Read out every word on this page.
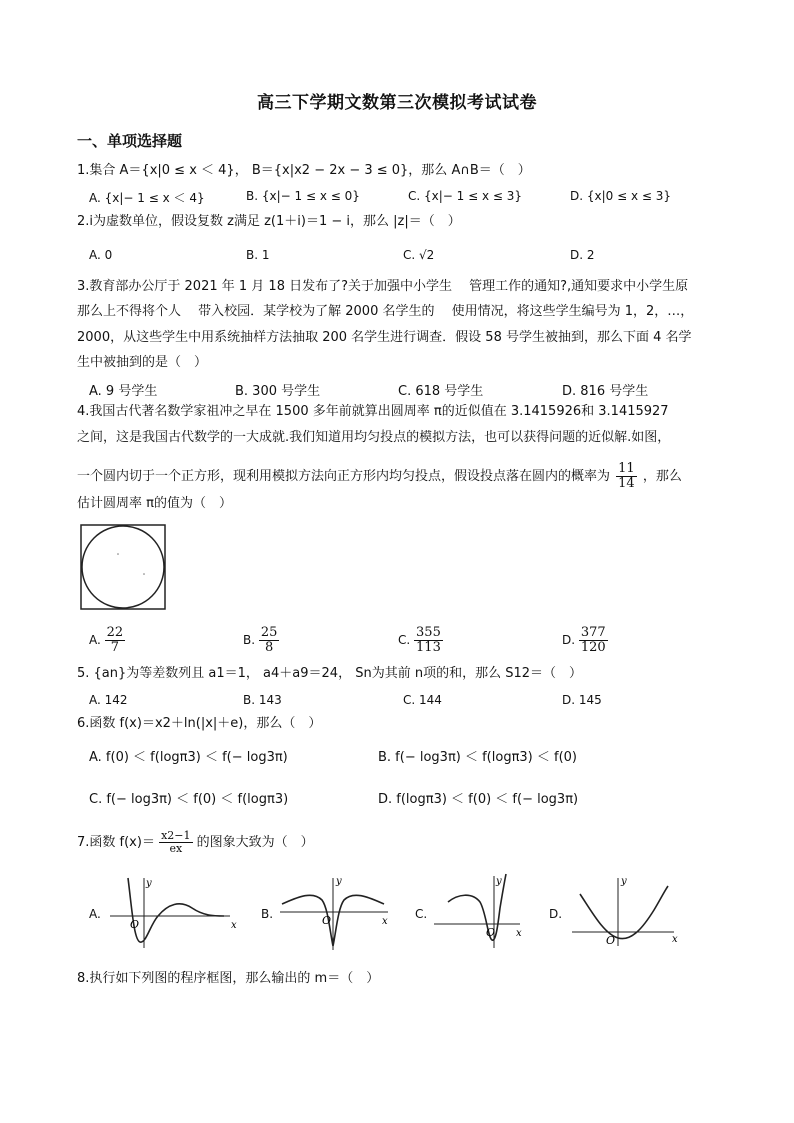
高三下学期文数第三次模拟考试试卷
一、单项选择题
1.集合 A＝{x|0 ≤ x ＜ 4}， B＝{x|x2 − 2x − 3 ≤ 0}，那么 A∩B＝（　）
A. {x|− 1 ≤ x ＜ 4}	B. {x|− 1 ≤ x ≤ 0}	C. {x|− 1 ≤ x ≤ 3}	D. {x|0 ≤ x ≤ 3}
2.i为虚数单位，假设复数 z满足 z(1＋i)＝1 − i，那么 |z|＝（　）
A. 0	B. 1	C. √2	D. 2
3.教育部办公厅于 2021 年 1 月 18 日发布了?关于加强中小学生　 管理工作的通知?,通知要求中小学生原
那么上不得将个人　 带入校园．某学校为了解 2000 名学生的　 使用情况，将这些学生编号为 1，2，…，
2000，从这些学生中用系统抽样方法抽取 200 名学生进行调查．假设 58 号学生被抽到，那么下面 4 名学
生中被抽到的是（　）
A. 9 号学生	B. 300 号学生	C. 618 号学生	D. 816 号学生
4.我国古代著名数学家祖冲之早在 1500 多年前就算出圆周率 π的近似值在 3.1415926和 3.1415927
之间，这是我国古代数学的一大成就.我们知道用均匀投点的模拟方法，也可以获得问题的近似解.如图，
一个圆内切于一个正方形，现利用模拟方法向正方形内均匀投点，假设投点落在圆内的概率为 $\frac{11}{14}$ ，那么
估计圆周率 π的值为（　）
A. $\frac{22}{7}$	B. $\frac{25}{8}$	C. $\frac{355}{113}$	D. $\frac{377}{120}$
5. {an}为等差数列且 a1＝1， a4＋a9＝24， Sn为其前 n项的和，那么 S12＝（　）
A. 142	B. 143	C. 144	D. 145
6.函数 f(x)＝x2＋ln(|x|＋e)，那么（　）
A. f(0) ＜ f(logπ3) ＜ f(− log3π)	B. f(− log3π) ＜ f(logπ3) ＜ f(0)
C. f(− log3π) ＜ f(0) ＜ f(logπ3)	D. f(logπ3) ＜ f(0) ＜ f(− log3π)
7.函数 $f(x)= \frac{x2-1}{ex}$ 的图象大致为（　）
A.	B.	C.	D.
x
y
O	x
y
O
x
y
O
x
y
O
8.执行如下列图的程序框图，那么输出的 m＝（　）
